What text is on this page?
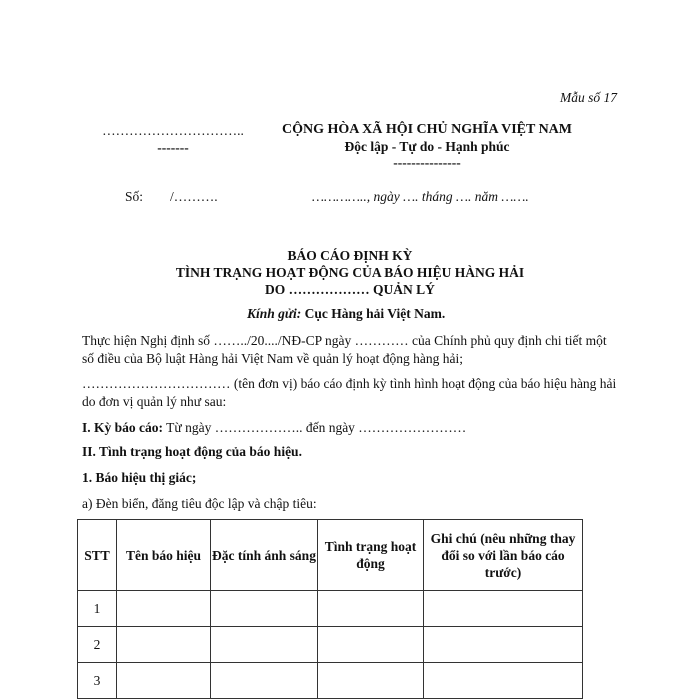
Mẫu số 17
…………………………..
-------
CỘNG HÒA XÃ HỘI CHỦ NGHĨA VIỆT NAM
Độc lập - Tự do - Hạnh phúc
---------------
Số: /……….	………….., ngày …. tháng …. năm …….
BÁO CÁO ĐỊNH KỲ
TÌNH TRẠNG HOẠT ĐỘNG CỦA BÁO HIỆU HÀNG HẢI
DO ……………… QUẢN LÝ
Kính gửi: Cục Hàng hải Việt Nam.
Thực hiện Nghị định số ……../20..../NĐ-CP ngày ………… của Chính phủ quy định chi tiết một số điều của Bộ luật Hàng hải Việt Nam về quản lý hoạt động hàng hải;
…………………………… (tên đơn vị) báo cáo định kỳ tình hình hoạt động của báo hiệu hàng hải do đơn vị quản lý như sau:
I. Kỳ báo cáo: Từ ngày ……………….. đến ngày ……………………
II. Tình trạng hoạt động của báo hiệu.
1. Báo hiệu thị giác;
a) Đèn biển, đăng tiêu độc lập và chập tiêu:
STT	Tên báo hiệu	Đặc tính ánh sáng	Tình trạng hoạt động	Ghi chú (nêu những thay đổi so với lần báo cáo trước)
1				
2				
3				
